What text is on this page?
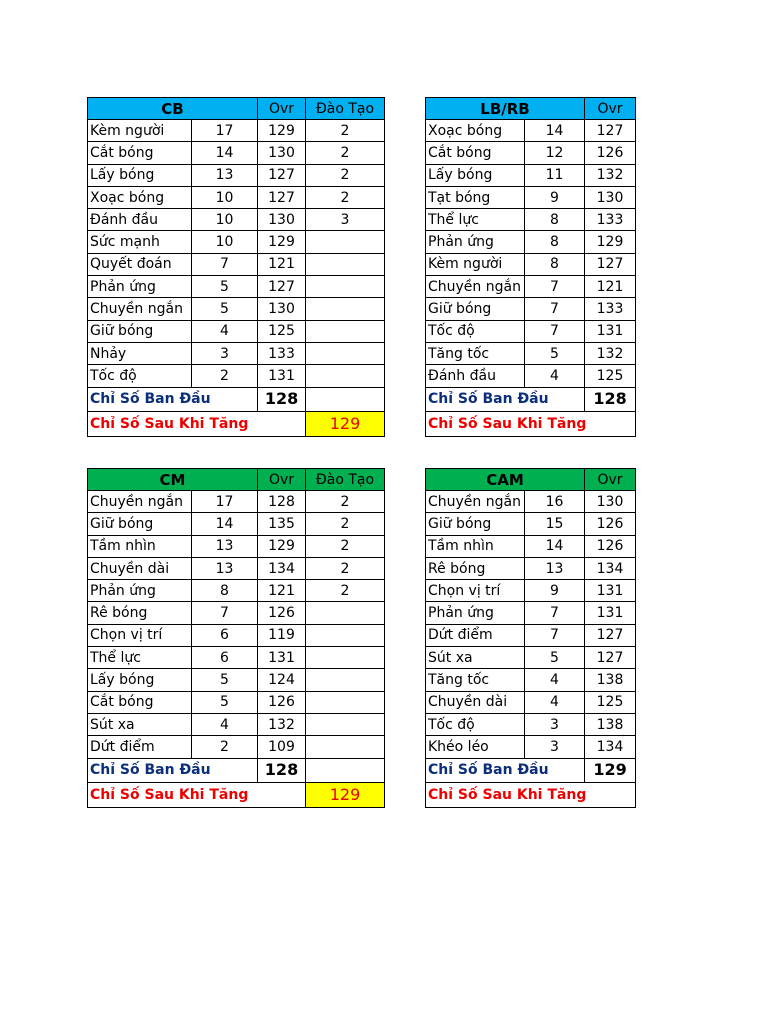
CB		Ovr	Đào Tạo
Kèm người	17	129	2
Cắt bóng	14	130	2
Lấy bóng	13	127	2
Xoạc bóng	10	127	2
Đánh đầu	10	130	3
Sức mạnh	10	129	
Quyết đoán	7	121	
Phản ứng	5	127	
Chuyền ngắn	5	130	
Giữ bóng	4	125	
Nhảy	3	133	
Tốc độ	2	131	
Chỉ Số Ban Đầu		128	
Chỉ Số Sau Khi Tăng			129
LB/RB		Ovr
Xoạc bóng	14	127
Cắt bóng	12	126
Lấy bóng	11	132
Tạt bóng	9	130
Thể lực	8	133
Phản ứng	8	129
Kèm người	8	127
Chuyền ngắn	7	121
Giữ bóng	7	133
Tốc độ	7	131
Tăng tốc	5	132
Đánh đầu	4	125
Chỉ Số Ban Đầu		128
Chỉ Số Sau Khi Tăng		
CM		Ovr	Đào Tạo
Chuyền ngắn	17	128	2
Giữ bóng	14	135	2
Tầm nhìn	13	129	2
Chuyền dài	13	134	2
Phản ứng	8	121	2
Rê bóng	7	126	
Chọn vị trí	6	119	
Thể lực	6	131	
Lấy bóng	5	124	
Cắt bóng	5	126	
Sút xa	4	132	
Dứt điểm	2	109	
Chỉ Số Ban Đầu		128	
Chỉ Số Sau Khi Tăng			129
CAM		Ovr
Chuyền ngắn	16	130
Giữ bóng	15	126
Tầm nhìn	14	126
Rê bóng	13	134
Chọn vị trí	9	131
Phản ứng	7	131
Dứt điểm	7	127
Sút xa	5	127
Tăng tốc	4	138
Chuyền dài	4	125
Tốc độ	3	138
Khéo léo	3	134
Chỉ Số Ban Đầu		129
Chỉ Số Sau Khi Tăng		
